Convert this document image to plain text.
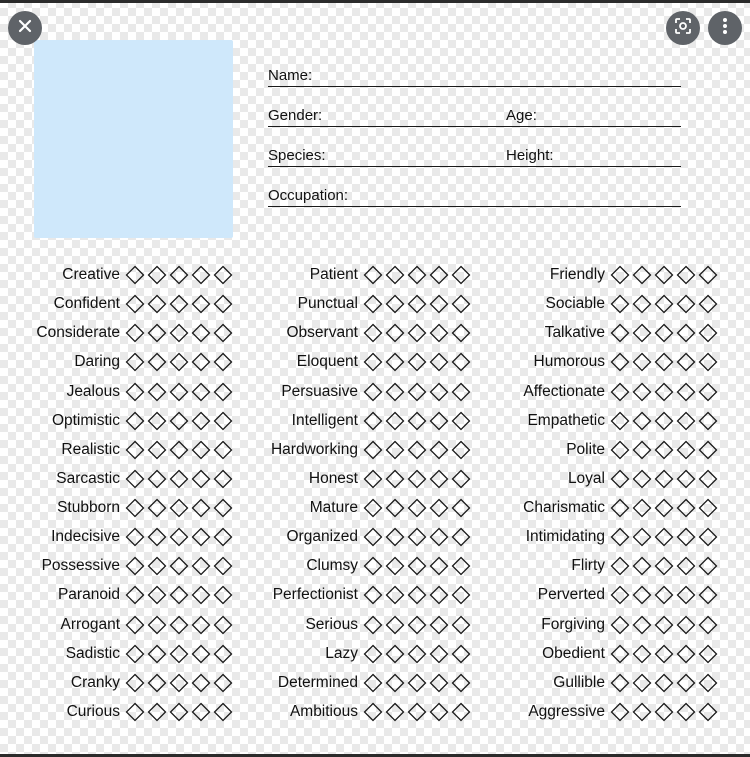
Name:
Gender:	Age:
Species:	Height:
Occupation:
Creative
Confident
Considerate
Daring
Jealous
Optimistic
Realistic
Sarcastic
Stubborn
Indecisive
Possessive
Paranoid
Arrogant
Sadistic
Cranky
Curious
Patient
Punctual
Observant
Eloquent
Persuasive
Intelligent
Hardworking
Honest
Mature
Organized
Clumsy
Perfectionist
Serious
Lazy
Determined
Ambitious
Friendly
Sociable
Talkative
Humorous
Affectionate
Empathetic
Polite
Loyal
Charismatic
Intimidating
Flirty
Perverted
Forgiving
Obedient
Gullible
Aggressive
